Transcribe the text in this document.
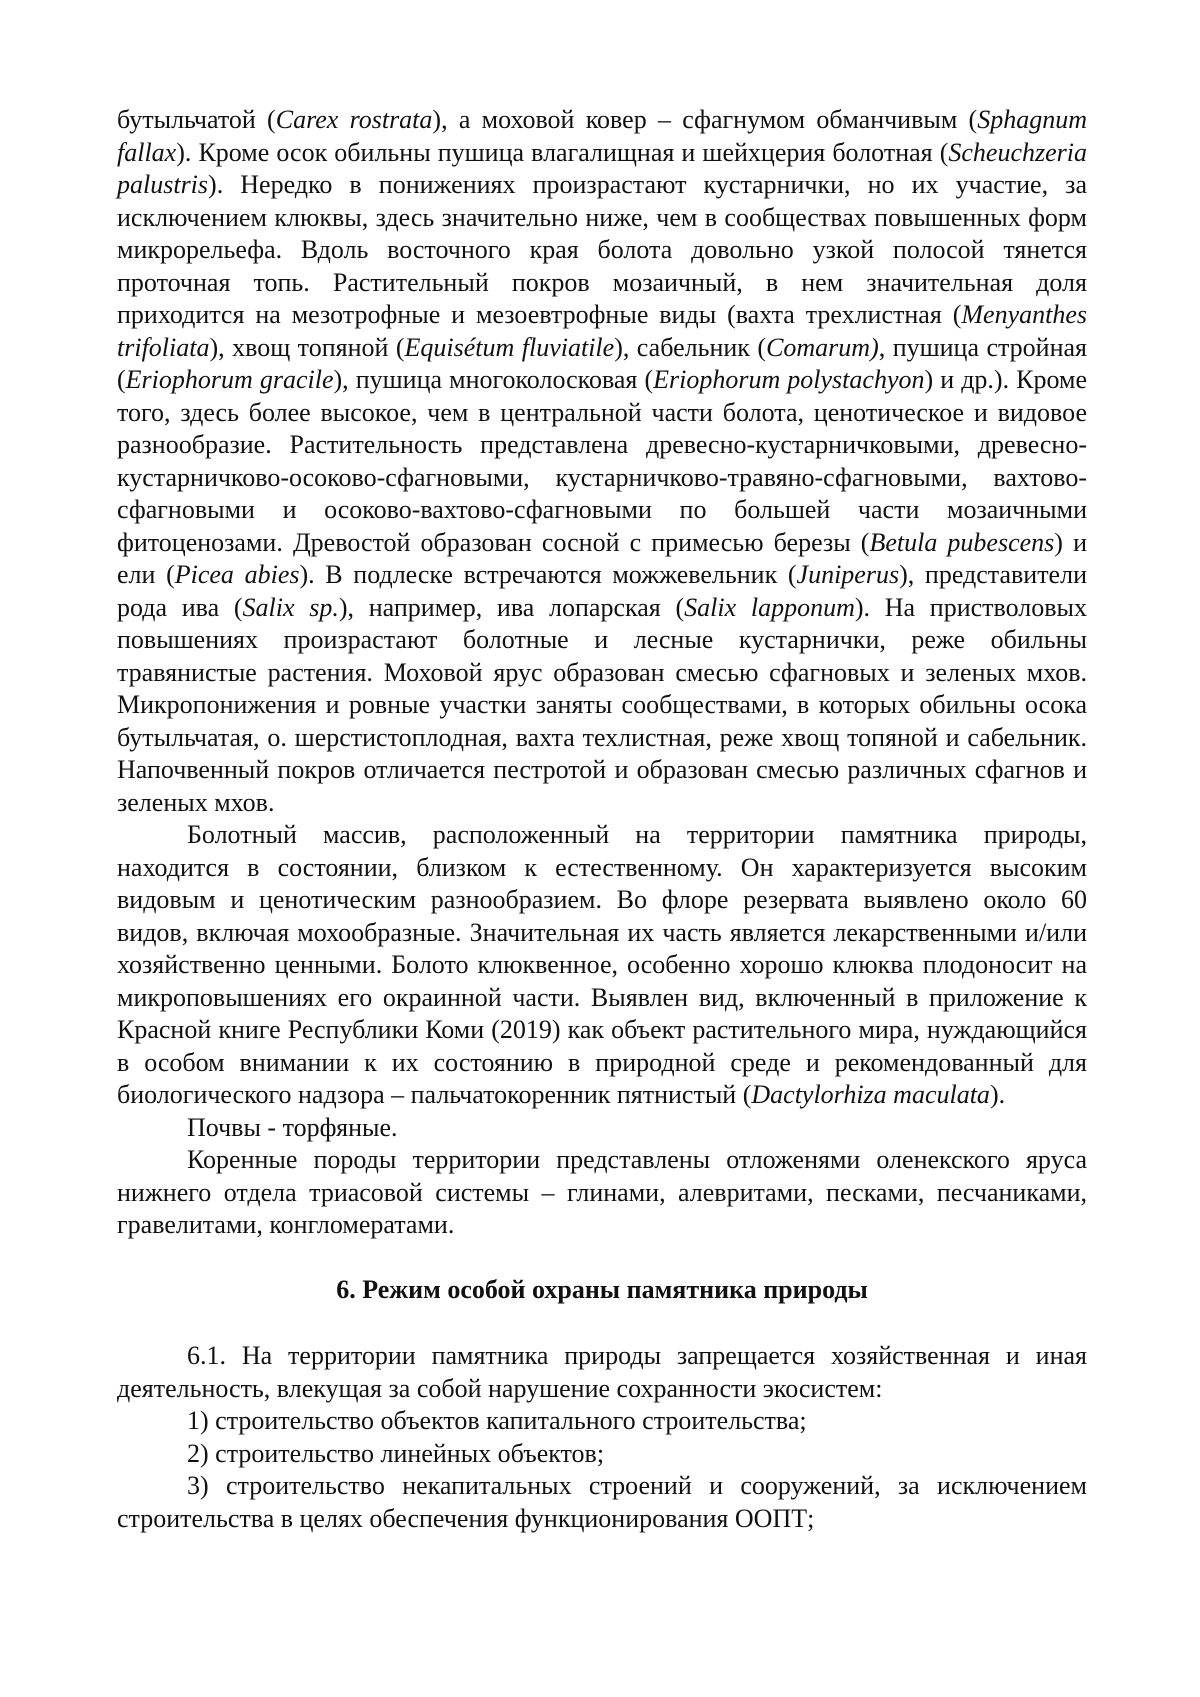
бутыльчатой (Carex rostrata), а моховой ковер – сфагнумом обманчивым (Sphagnum fallax). Кроме осок обильны пушица влагалищная и шейхцерия болотная (Scheuchzeria palustris). Нередко в понижениях произрастают кустарнички, но их участие, за исключением клюквы, здесь значительно ниже, чем в сообществах повышенных форм микрорельефа. Вдоль восточного края болота довольно узкой полосой тянется проточная топь. Растительный покров мозаичный, в нем значительная доля приходится на мезотрофные и мезоевтрофные виды (вахта трехлистная (Menyanthes trifoliata), хвощ топяной (Equisétum fluviatile), сабельник (Comarum), пушица стройная (Eriophorum gracile), пушица многоколосковая (Eriophorum polystachyon) и др.). Кроме того, здесь более высокое, чем в центральной части болота, ценотическое и видовое разнообразие. Растительность представлена древесно-кустарничковыми, древесно-кустарничково-осоково-сфагновыми, кустарничково-травяно-сфагновыми, вахтово-сфагновыми и осоково-вахтово-сфагновыми по большей части мозаичными фитоценозами. Древостой образован сосной с примесью березы (Betula pubescens) и ели (Picea abies). В подлеске встречаются можжевельник (Juniperus), представители рода ива (Salix sp.), например, ива лопарская (Salix lapponum). На пристволовых повышениях произрастают болотные и лесные кустарнички, реже обильны травянистые растения. Моховой ярус образован смесью сфагновых и зеленых мхов. Микропонижения и ровные участки заняты сообществами, в которых обильны осока бутыльчатая, о. шерстистоплодная, вахта техлистная, реже хвощ топяной и сабельник. Напочвенный покров отличается пестротой и образован смесью различных сфагнов и зеленых мхов.

Болотный массив, расположенный на территории памятника природы, находится в состоянии, близком к естественному. Он характеризуется высоким видовым и ценотическим разнообразием. Во флоре резервата выявлено около 60 видов, включая мохообразные. Значительная их часть является лекарственными и/или хозяйственно ценными. Болото клюквенное, особенно хорошо клюква плодоносит на микроповышениях его окраинной части. Выявлен вид, включенный в приложение к Красной книге Республики Коми (2019) как объект растительного мира, нуждающийся в особом внимании к их состоянию в природной среде и рекомендованный для биологического надзора – пальчатокоренник пятнистый (Dactylorhiza maculata).

Почвы - торфяные.

Коренные породы территории представлены отложенями оленекского яруса нижнего отдела триасовой системы – глинами, алевритами, песками, песчаниками, гравелитами, конгломератами.

6. Режим особой охраны памятника природы

6.1. На территории памятника природы запрещается хозяйственная и иная деятельность, влекущая за собой нарушение сохранности экосистем:

1) строительство объектов капитального строительства;

2) строительство линейных объектов;

3) строительство некапитальных строений и сооружений, за исключением строительства в целях обеспечения функционирования ООПТ;
